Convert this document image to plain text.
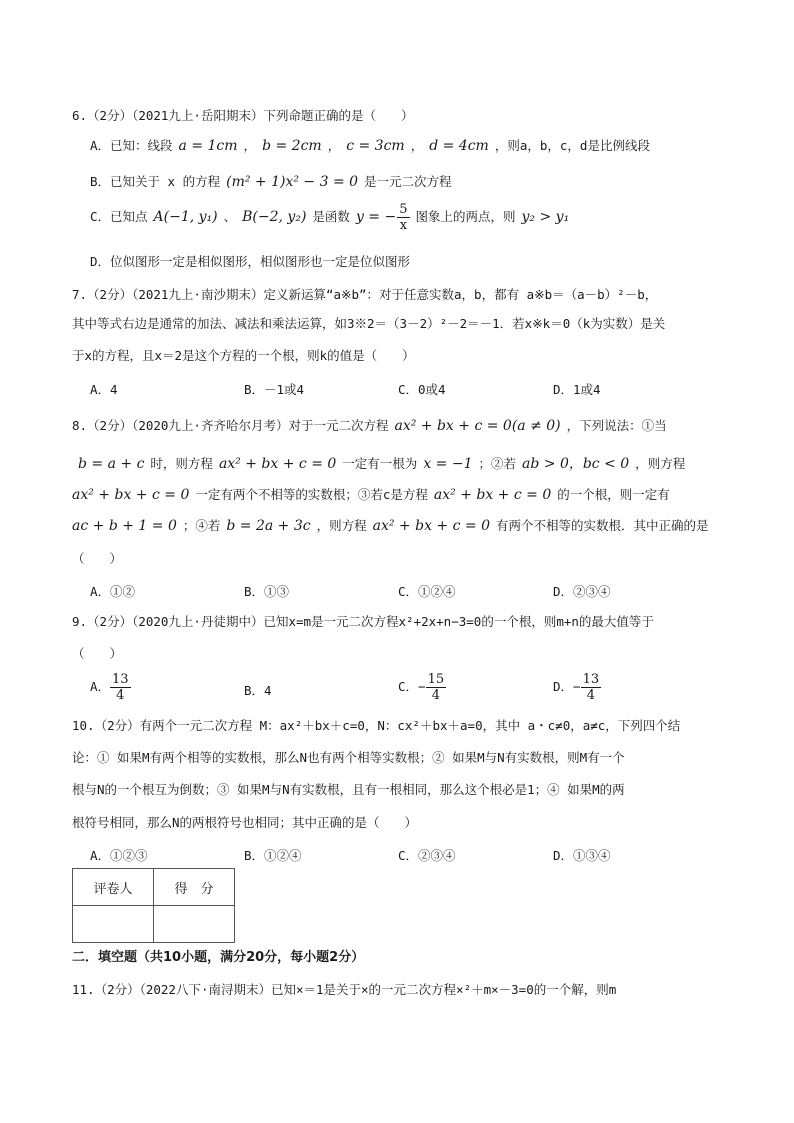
6.（2分）（2021九上·岳阳期末）下列命题正确的是（　　）
A．已知：线段 a = 1cm ， b = 2cm ， c = 3cm ， d = 4cm ，则a，b，c，d是比例线段
B．已知关于 x 的方程 (m² + 1)x² − 3 = 0 是一元二次方程
C．已知点 A(−1, y₁) 、 B(−2, y₂) 是函数 y = − $\frac{5}{x}$ 图象上的两点，则 y₂ > y₁
D．位似图形一定是相似图形，相似图形也一定是位似图形
7.（2分）（2021九上·南沙期末）定义新运算“a※b”：对于任意实数a，b，都有 a※b＝（a－b）²－b，
其中等式右边是通常的加法、减法和乘法运算，如3※2＝（3－2）²－2＝－1．若x※k＝0（k为实数）是关
于x的方程，且x＝2是这个方程的一个根，则k的值是（　　）
A．4	B．－1或4	C．0或4	D．1或4
8.（2分）（2020九上·齐齐哈尔月考）对于一元二次方程 ax² + bx + c = 0(a ≠ 0) ，下列说法：①当
b = a + c 时，则方程 ax² + bx + c = 0 一定有一根为 x = −1 ；②若 ab > 0，bc < 0 ，则方程
ax² + bx + c = 0 一定有两个不相等的实数根；③若c是方程 ax² + bx + c = 0 的一个根，则一定有
ac + b + 1 = 0 ；④若 b = 2a + 3c ，则方程 ax² + bx + c = 0 有两个不相等的实数根．其中正确的是
（　　）
A．①②	B．①③	C．①②④	D．②③④
9.（2分）（2020九上·丹徒期中）已知x=m是一元二次方程x²+2x+n−3=0的一个根，则m+n的最大值等于
（　　）
A． $\frac{13}{4}$	B．4	C．− $\frac{15}{4}$	D．− $\frac{13}{4}$
10.（2分）有两个一元二次方程 M：ax²＋bx＋c=0，N：cx²＋bx＋a=0，其中 a・c≠0，a≠c，下列四个结
论：① 如果M有两个相等的实数根，那么N也有两个相等实数根；② 如果M与N有实数根，则M有一个
根与N的一个根互为倒数；③ 如果M与N有实数根，且有一根相同，那么这个根必是1；④ 如果M的两
根符号相同，那么N的两根符号也相同；其中正确的是（　　）
A．①②③	B．①②④	C．②③④	D．①③④
评卷人	得　分

二．填空题（共10小题，满分20分，每小题2分）
11.（2分）（2022八下·南浔期末）已知×＝1是关于×的一元二次方程×²＋m×－3=0的一个解，则m
